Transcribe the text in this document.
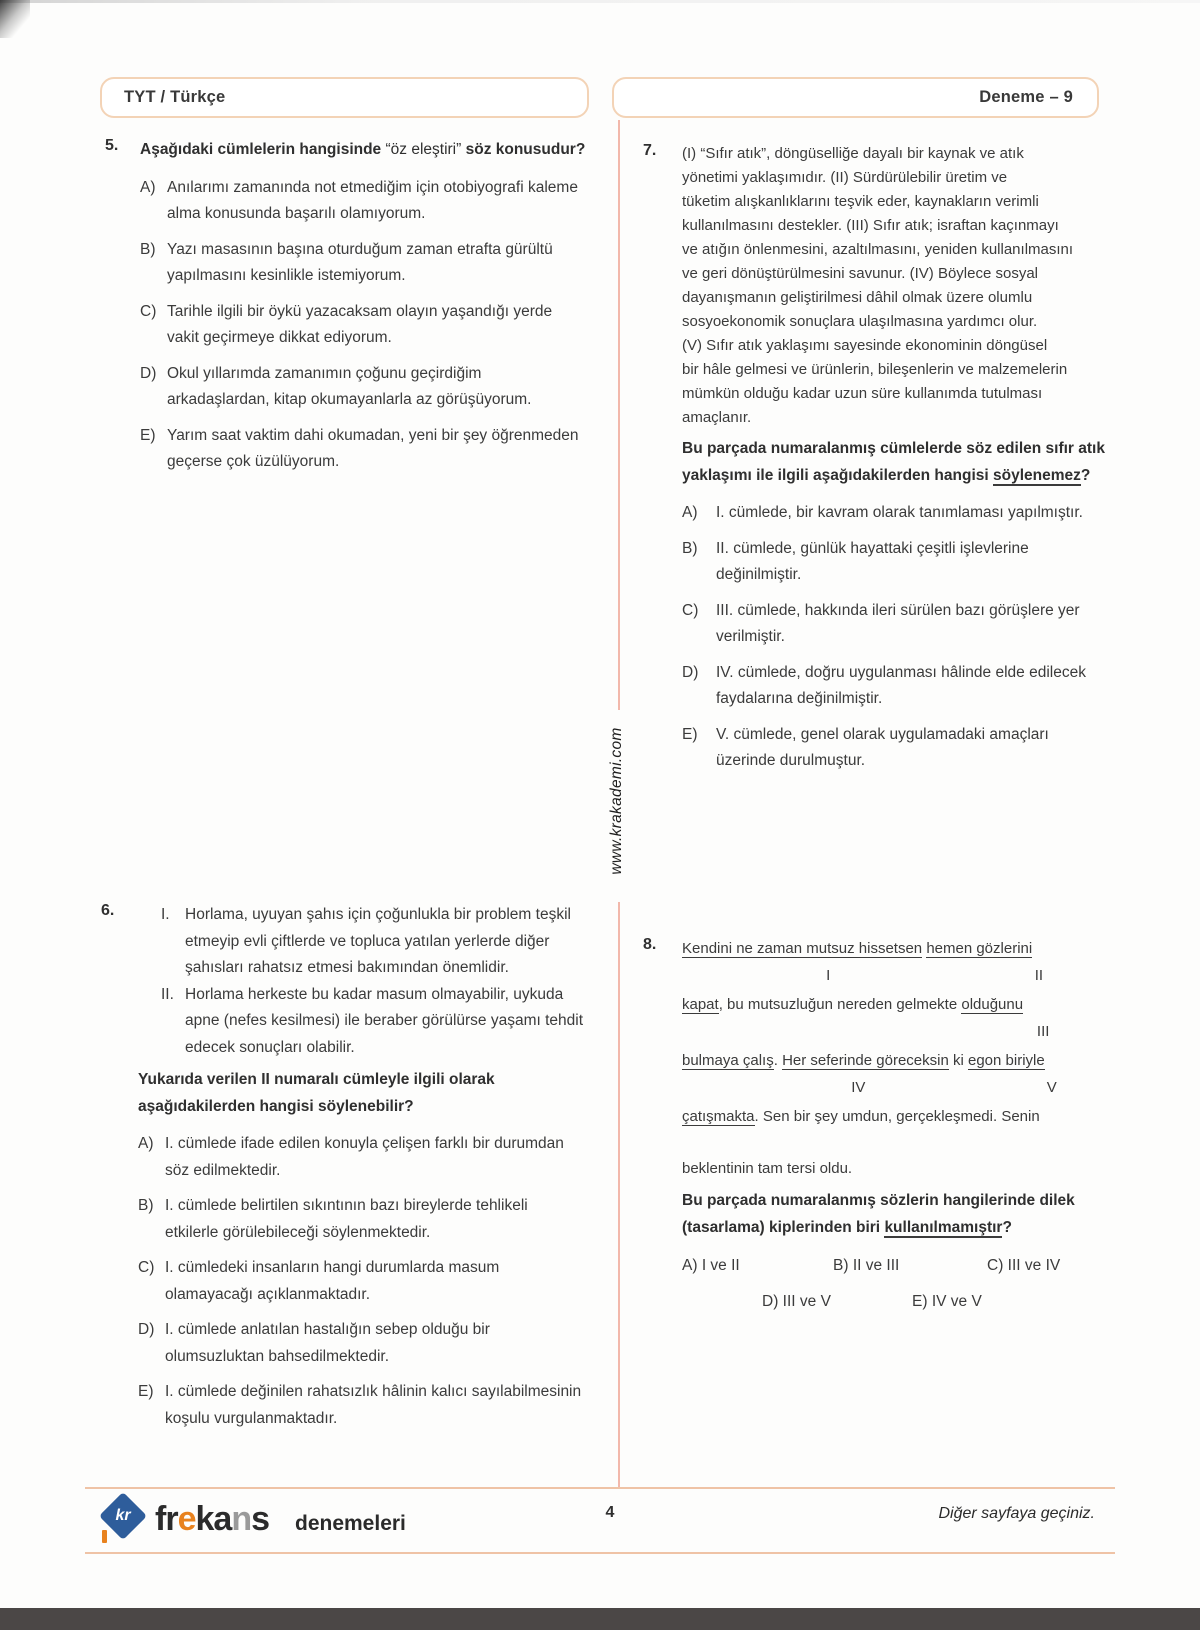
TYT / Türkçe	Deneme – 9
www.krakademi.com
5. Aşağıdaki cümlelerin hangisinde “öz eleştiri” söz konusudur?
A) Anılarımı zamanında not etmediğim için otobiyografi kaleme alma konusunda başarılı olamıyorum.
B) Yazı masasının başına oturduğum zaman etrafta gürültü yapılmasını kesinlikle istemiyorum.
C) Tarihle ilgili bir öykü yazacaksam olayın yaşandığı yerde vakit geçirmeye dikkat ediyorum.
D) Okul yıllarımda zamanımın çoğunu geçirdiğim arkadaşlardan, kitap okumayanlarla az görüşüyorum.
E) Yarım saat vaktim dahi okumadan, yeni bir şey öğrenmeden geçerse çok üzülüyorum.
6.	I. Horlama, uyuyan şahıs için çoğunlukla bir problem teşkil etmeyip evli çiftlerde ve topluca yatılan yerlerde diğer şahısları rahatsız etmesi bakımından önemlidir.
II. Horlama herkeste bu kadar masum olmayabilir, uykuda apne (nefes kesilmesi) ile beraber görülürse yaşamı tehdit edecek sonuçları olabilir.
Yukarıda verilen II numaralı cümleyle ilgili olarak aşağıdakilerden hangisi söylenebilir?
A) I. cümlede ifade edilen konuyla çelişen farklı bir durumdan söz edilmektedir.
B) I. cümlede belirtilen sıkıntının bazı bireylerde tehlikeli etkilerle görülebileceği söylenmektedir.
C) I. cümledeki insanların hangi durumlarda masum olamayacağı açıklanmaktadır.
D) I. cümlede anlatılan hastalığın sebep olduğu bir olumsuzluktan bahsedilmektedir.
E) I. cümlede değinilen rahatsızlık hâlinin kalıcı sayılabilmesinin koşulu vurgulanmaktadır.
7. (I) “Sıfır atık”, döngüselliğe dayalı bir kaynak ve atık
yönetimi yaklaşımıdır. (II) Sürdürülebilir üretim ve
tüketim alışkanlıklarını teşvik eder, kaynakların verimli
kullanılmasını destekler. (III) Sıfır atık; israftan kaçınmayı
ve atığın önlenmesini, azaltılmasını, yeniden kullanılmasını
ve geri dönüştürülmesini savunur. (IV) Böylece sosyal
dayanışmanın geliştirilmesi dâhil olmak üzere olumlu
sosyoekonomik sonuçlara ulaşılmasına yardımcı olur.
(V) Sıfır atık yaklaşımı sayesinde ekonominin döngüsel
bir hâle gelmesi ve ürünlerin, bileşenlerin ve malzemelerin
mümkün olduğu kadar uzun süre kullanımda tutulması
amaçlanır.
Bu parçada numaralanmış cümlelerde söz edilen sıfır atık yaklaşımı ile ilgili aşağıdakilerden hangisi söylenemez?
A)	I. cümlede, bir kavram olarak tanımlaması yapılmıştır.
B)	II. cümlede, günlük hayattaki çeşitli işlevlerine değinilmiştir.
C)	III. cümlede, hakkında ileri sürülen bazı görüşlere yer verilmiştir.
D)	IV. cümlede, doğru uygulanması hâlinde elde edilecek faydalarına değinilmiştir.
E)	V. cümlede, genel olarak uygulamadaki amaçları üzerinde durulmuştur.
8. Kendini ne zaman mutsuz hissetsen hemen gözlerini
I	II
kapat, bu mutsuzluğun nereden gelmekte olduğunu
III
bulmaya çalış. Her seferinde göreceksin ki egon biriyle
IV	V
çatışmakta. Sen bir şey umdun, gerçekleşmedi. Senin
beklentinin tam tersi oldu.
Bu parçada numaralanmış sözlerin hangilerinde dilek (tasarlama) kiplerinden biri kullanılmamıştır?
A) I ve II	B) II ve III	C) III ve IV
D) III ve V	E) IV ve V
kr frekans denemeleri	4	Diğer sayfaya geçiniz.
